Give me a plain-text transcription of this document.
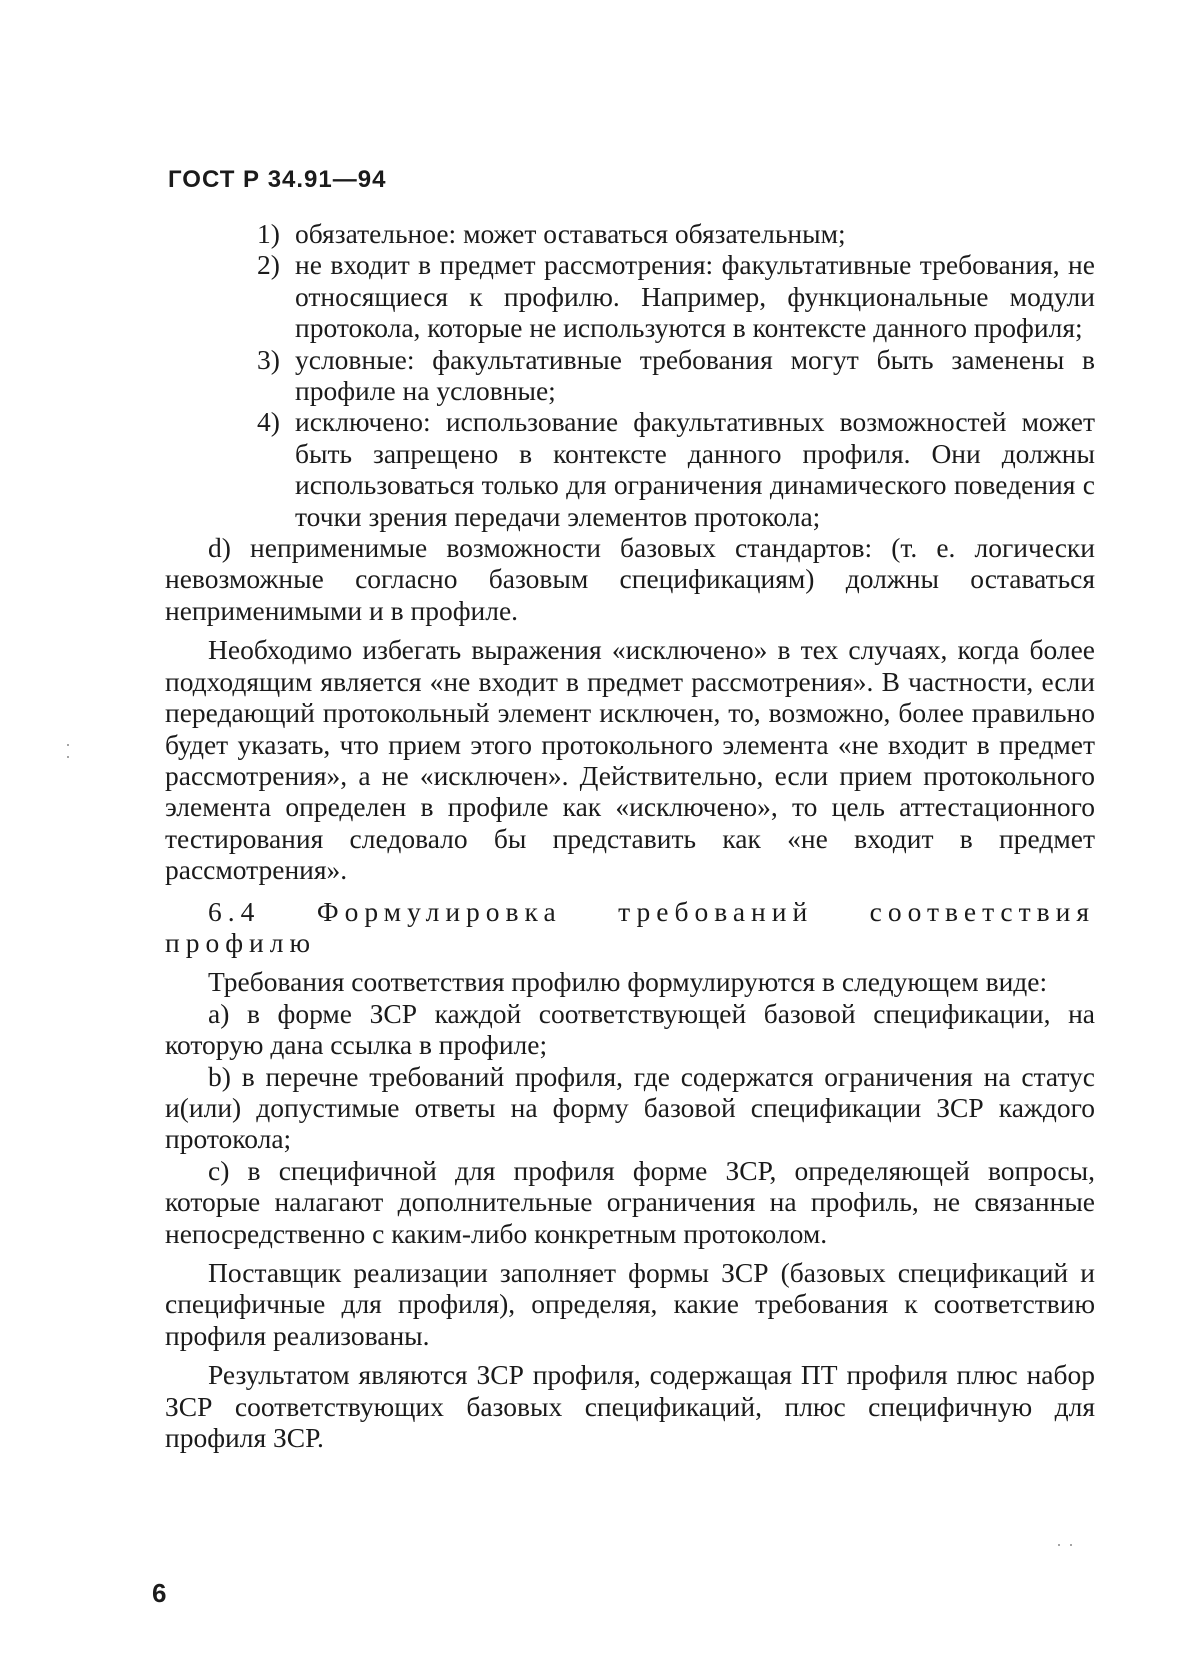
ГОСТ Р 34.91—94

1) обязательное: может оставаться обязательным;

2) не входит в предмет рассмотрения: факультативные требования, не относящиеся к профилю. Например, функциональные модули протокола, которые не используются в контексте данного профиля;

3) условные: факультативные требования могут быть заменены в профиле на условные;

4) исключено: использование факультативных возможностей может быть запрещено в контексте данного профиля. Они должны использоваться только для ограничения динамического поведения с точки зрения передачи элементов протокола;

d) неприменимые возможности базовых стандартов: (т. е. логически невозможные согласно базовым спецификациям) должны оставаться неприменимыми и в профиле.

Необходимо избегать выражения «исключено» в тех случаях, когда более подходящим является «не входит в предмет рассмотрения». В частности, если передающий протокольный элемент исключен, то, возможно, более правильно будет указать, что прием этого протокольного элемента «не входит в предмет рассмотрения», а не «исключен». Действительно, если прием протокольного элемента определен в профиле как «исключено», то цель аттестационного тестирования следовало бы представить как «не входит в предмет рассмотрения».

6.4 Формулировка требований соответствия

профилю

Требования соответствия профилю формулируются в следующем виде:

а) в форме ЗСР каждой соответствующей базовой спецификации, на которую дана ссылка в профиле;

b) в перечне требований профиля, где содержатся ограничения на статус и(или) допустимые ответы на форму базовой спецификации ЗСР каждого протокола;

с) в специфичной для профиля форме ЗСР, определяющей вопросы, которые налагают дополнительные ограничения на профиль, не связанные непосредственно с каким-либо конкретным протоколом.

Поставщик реализации заполняет формы ЗСР (базовых спецификаций и специфичные для профиля), определяя, какие требования к соответствию профиля реализованы.

Результатом являются ЗСР профиля, содержащая ПТ профиля плюс набор ЗСР соответствующих базовых спецификаций, плюс специфичную для профиля ЗСР.

6
